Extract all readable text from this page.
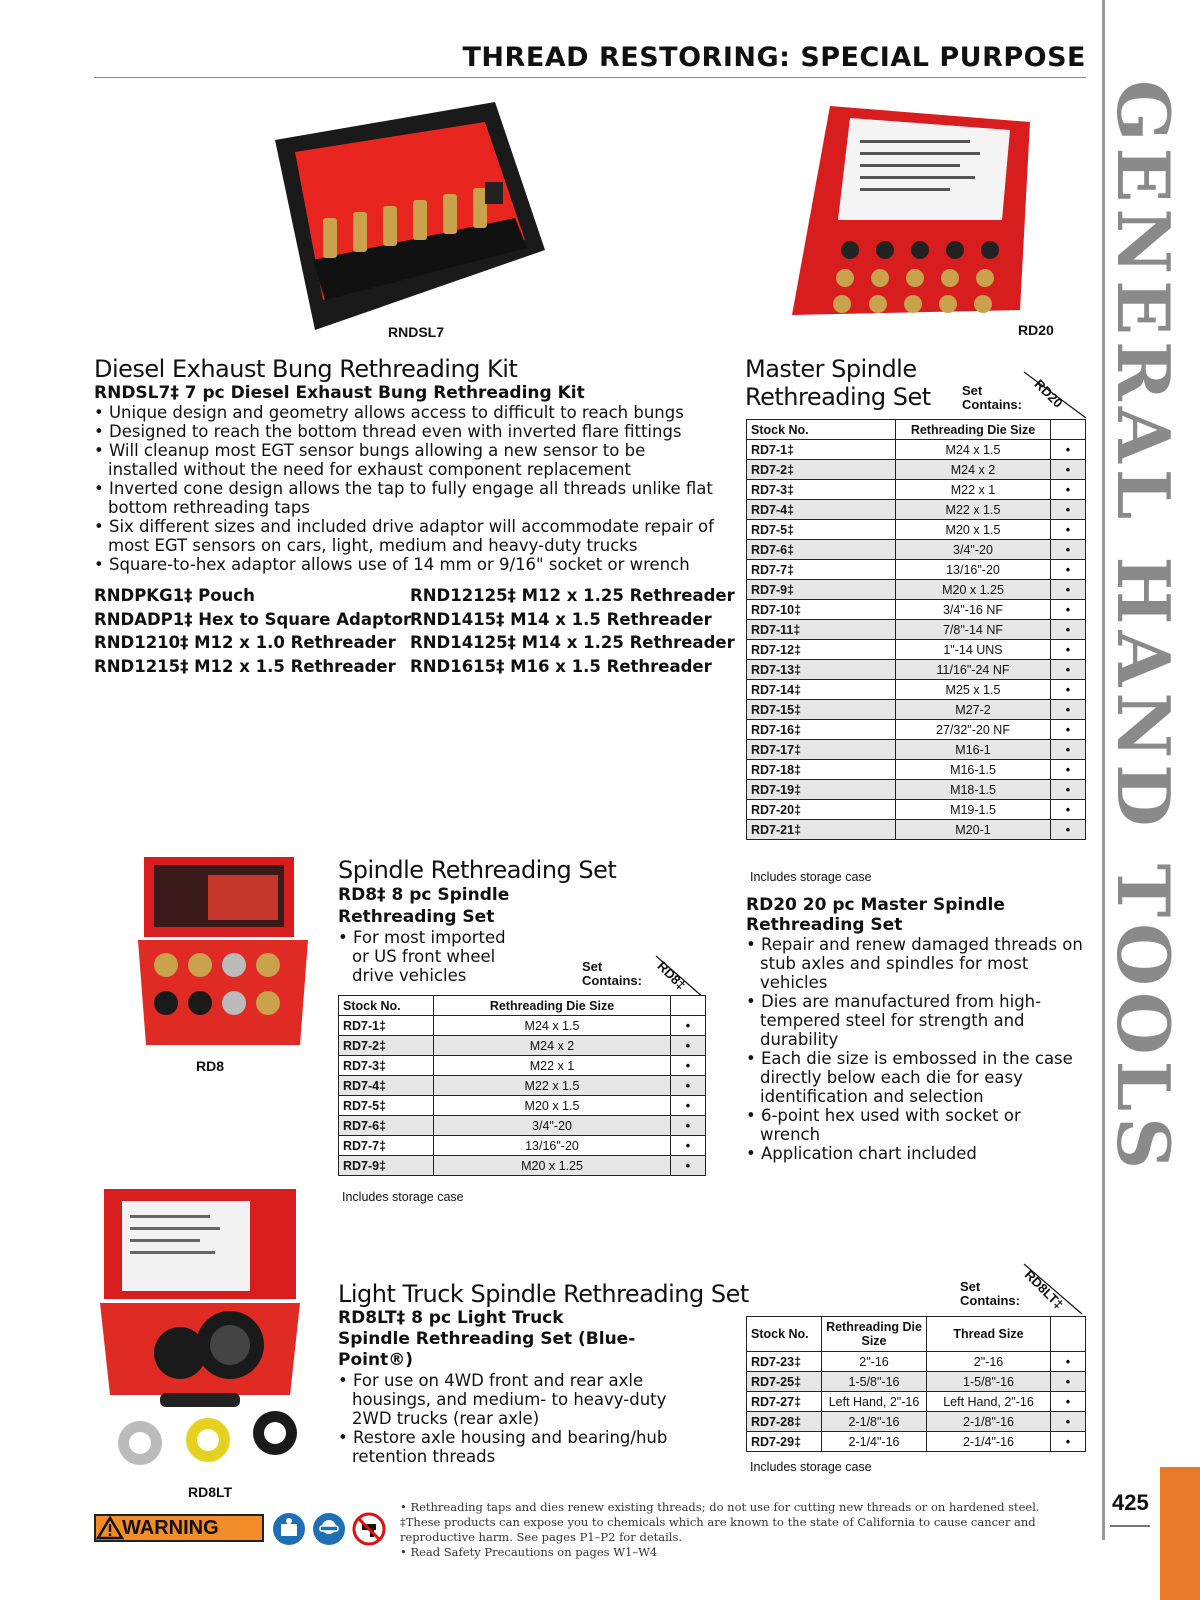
THREAD RESTORING: SPECIAL PURPOSE
GENERAL HAND TOOLS
425
RNDSL7	RD20
Diesel Exhaust Bung Rethreading Kit
RNDSL7‡ 7 pc Diesel Exhaust Bung Rethreading Kit
• Unique design and geometry allows access to difficult to reach bungs
• Designed to reach the bottom thread even with inverted flare fittings
• Will cleanup most EGT sensor bungs allowing a new sensor to be installed without the need for exhaust component replacement
• Inverted cone design allows the tap to fully engage all threads unlike flat bottom rethreading taps
• Six different sizes and included drive adaptor will accommodate repair of most EGT sensors on cars, light, medium and heavy-duty trucks
• Square-to-hex adaptor allows use of 14 mm or 9/16" socket or wrench
RNDPKG1‡ Pouch
RNDADP1‡ Hex to Square Adaptor
RND1210‡ M12 x 1.0 Rethreader
RND1215‡ M12 x 1.5 Rethreader
RND12125‡ M12 x 1.25 Rethreader
RND1415‡ M14 x 1.5 Rethreader
RND14125‡ M14 x 1.25 Rethreader
RND1615‡ M16 x 1.5 Rethreader
Master Spindle
Rethreading Set Set Contains: RD20
Stock No.	Rethreading Die Size	
RD7-1‡	M24 x 1.5	•
RD7-2‡	M24 x 2	•
RD7-3‡	M22 x 1	•
RD7-4‡	M22 x 1.5	•
RD7-5‡	M20 x 1.5	•
RD7-6‡	3/4"-20	•
RD7-7‡	13/16"-20	•
RD7-9‡	M20 x 1.25	•
RD7-10‡	3/4"-16 NF	•
RD7-11‡	7/8"-14 NF	•
RD7-12‡	1"-14 UNS	•
RD7-13‡	11/16"-24 NF	•
RD7-14‡	M25 x 1.5	•
RD7-15‡	M27-2	•
RD7-16‡	27/32"-20 NF	•
RD7-17‡	M16-1	•
RD7-18‡	M16-1.5	•
RD7-19‡	M18-1.5	•
RD7-20‡	M19-1.5	•
RD7-21‡	M20-1	•
Includes storage case
RD20 20 pc Master Spindle Rethreading Set
• Repair and renew damaged threads on stub axles and spindles for most vehicles
• Dies are manufactured from high-tempered steel for strength and durability
• Each die size is embossed in the case directly below each die for easy identification and selection
• 6-point hex used with socket or wrench
• Application chart included
RD8
Spindle Rethreading Set
RD8‡ 8 pc Spindle Rethreading Set
• For most imported or US front wheel drive vehicles	Set Contains: RD8‡
Stock No.	Rethreading Die Size	
RD7-1‡	M24 x 1.5	•
RD7-2‡	M24 x 2	•
RD7-3‡	M22 x 1	•
RD7-4‡	M22 x 1.5	•
RD7-5‡	M20 x 1.5	•
RD7-6‡	3/4"-20	•
RD7-7‡	13/16"-20	•
RD7-9‡	M20 x 1.25	•
Includes storage case
RD8LT
Light Truck Spindle Rethreading Set
RD8LT‡ 8 pc Light Truck Spindle Rethreading Set (Blue-Point®)
• For use on 4WD front and rear axle housings, and medium- to heavy-duty 2WD trucks (rear axle)
• Restore axle housing and bearing/hub retention threads
Set Contains: RD8LT‡
Stock No.	Rethreading Die Size	Thread Size	
RD7-23‡	2"-16	2"-16	•
RD7-25‡	1-5/8"-16	1-5/8"-16	•
RD7-27‡	Left Hand, 2"-16	Left Hand, 2"-16	•
RD7-28‡	2-1/8"-16	2-1/8"-16	•
RD7-29‡	2-1/4"-16	2-1/4"-16	•
Includes storage case
WARNING
• Rethreading taps and dies renew existing threads; do not use for cutting new threads or on hardened steel.
‡These products can expose you to chemicals which are known to the state of California to cause cancer and reproductive harm. See pages P1–P2 for details.
• Read Safety Precautions on pages W1–W4
